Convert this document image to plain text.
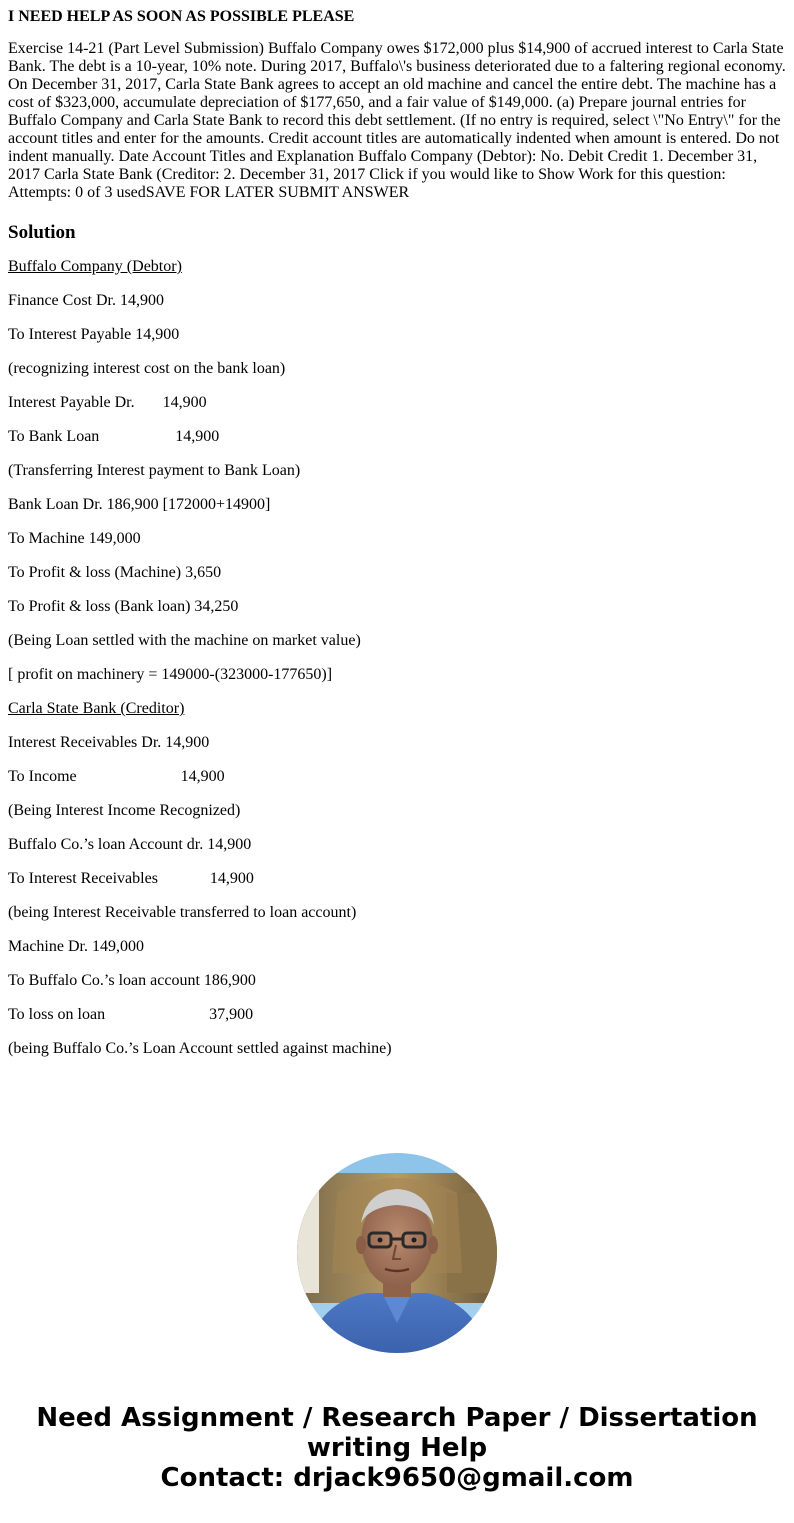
I NEED HELP AS SOON AS POSSIBLE PLEASE
Exercise 14-21 (Part Level Submission) Buffalo Company owes $172,000 plus $14,900 of accrued interest to Carla State Bank. The debt is a 10-year, 10% note. During 2017, Buffalo\'s business deteriorated due to a faltering regional economy. On December 31, 2017, Carla State Bank agrees to accept an old machine and cancel the entire debt. The machine has a cost of $323,000, accumulate depreciation of $177,650, and a fair value of $149,000. (a) Prepare journal entries for Buffalo Company and Carla State Bank to record this debt settlement. (If no entry is required, select \"No Entry\" for the account titles and enter for the amounts. Credit account titles are automatically indented when amount is entered. Do not indent manually. Date Account Titles and Explanation Buffalo Company (Debtor): No. Debit Credit 1. December 31, 2017 Carla State Bank (Creditor: 2. December 31, 2017 Click if you would like to Show Work for this question: Attempts: 0 of 3 usedSAVE FOR LATER SUBMIT ANSWER
Solution
Buffalo Company (Debtor)
Finance Cost Dr. 14,900
To Interest Payable 14,900
(recognizing interest cost on the bank loan)
Interest Payable Dr.       14,900
To Bank Loan                   14,900
(Transferring Interest payment to Bank Loan)
Bank Loan Dr. 186,900 [172000+14900]
To Machine 149,000
To Profit & loss (Machine) 3,650
To Profit & loss (Bank loan) 34,250
(Being Loan settled with the machine on market value)
[ profit on machinery = 149000-(323000-177650)]
Carla State Bank (Creditor)
Interest Receivables Dr. 14,900
To Income                          14,900
(Being Interest Income Recognized)
Buffalo Co.’s loan Account dr. 14,900
To Interest Receivables             14,900
(being Interest Receivable transferred to loan account)
Machine Dr. 149,000
To Buffalo Co.’s loan account 186,900
To loss on loan                          37,900
(being Buffalo Co.’s Loan Account settled against machine)
Need Assignment / Research Paper / Dissertation
writing Help
Contact: drjack9650@gmail.com
